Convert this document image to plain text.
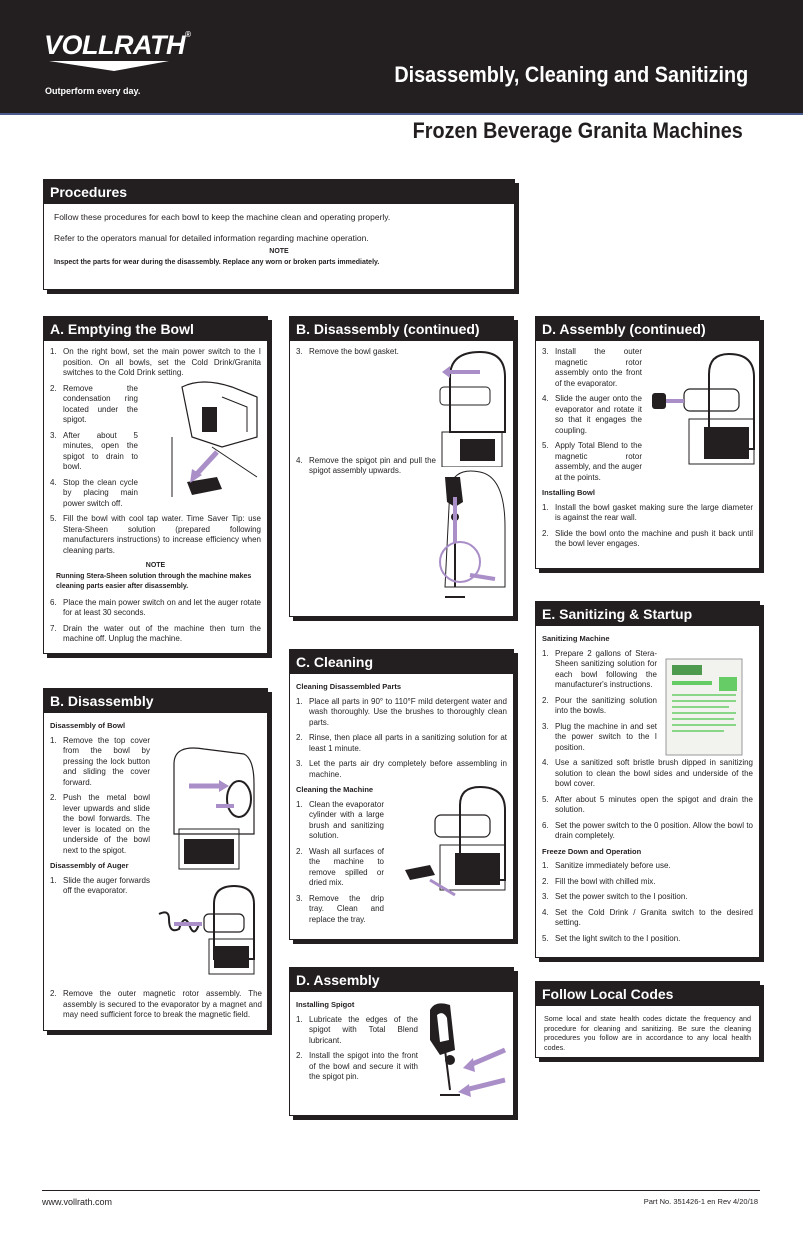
VOLLRATH®
Outperform every day.
Disassembly, Cleaning and Sanitizing
Frozen Beverage Granita Machines
Procedures
Follow these procedures for each bowl to keep the machine clean and operating properly.
Refer to the operators manual for detailed information regarding machine operation.
NOTE
Inspect the parts for wear during the disassembly. Replace any worn or broken parts immediately.
A. Emptying the Bowl
1. On the right bowl, set the main power switch to the I position. On all bowls, set the Cold Drink/Granita switches to the Cold Drink setting.
2. Remove the condensation ring located under the spigot.
3. After about 5 minutes, open the spigot to drain to bowl.
4. Stop the clean cycle by placing main power switch off.
5. Fill the bowl with cool tap water. Time Saver Tip: use Stera-Sheen solution (prepared following manufacturers instructions) to increase efficiency when cleaning parts.
NOTE
Running Stera-Sheen solution through the machine makes cleaning parts easier after disassembly.
6. Place the main power switch on and let the auger rotate for at least 30 seconds.
7. Drain the water out of the machine then turn the machine off. Unplug the machine.
B. Disassembly
Disassembly of Bowl
1. Remove the top cover from the bowl by pressing the lock button and sliding the cover forward.
2. Push the metal bowl lever upwards and slide the bowl forwards. The lever is located on the underside of the bowl next to the spigot.
Disassembly of Auger
1. Slide the auger forwards off the evaporator.
2. Remove the outer magnetic rotor assembly. The assembly is secured to the evaporator by a magnet and may need sufficient force to break the magnetic field.
B. Disassembly (continued)
3. Remove the bowl gasket.
4. Remove the spigot pin and pull the spigot assembly upwards.
C. Cleaning
Cleaning Disassembled Parts
1. Place all parts in 90° to 110°F mild detergent water and wash thoroughly. Use the brushes to thoroughly clean parts.
2. Rinse, then place all parts in a sanitizing solution for at least 1 minute.
3. Let the parts air dry completely before assembling in machine.
Cleaning the Machine
1. Clean the evaporator cylinder with a large brush and sanitizing solution.
2. Wash all surfaces of the machine to remove spilled or dried mix.
3. Remove the drip tray. Clean and replace the tray.
D. Assembly
Installing Spigot
1. Lubricate the edges of the spigot with Total Blend lubricant.
2. Install the spigot into the front of the bowl and secure it with the spigot pin.
D. Assembly (continued)
3. Install the outer magnetic rotor assembly onto the front of the evaporator.
4. Slide the auger onto the evaporator and rotate it so that it engages the coupling.
5. Apply Total Blend to the magnetic rotor assembly, and the auger at the points.
Installing Bowl
1. Install the bowl gasket making sure the large diameter is against the rear wall.
2. Slide the bowl onto the machine and push it back until the bowl lever engages.
E. Sanitizing & Startup
Sanitizing Machine
1. Prepare 2 gallons of Stera-Sheen sanitizing solution for each bowl following the manufacturer's instructions.
2. Pour the sanitizing solution into the bowls.
3. Plug the machine in and set the power switch to the I position.
4. Use a sanitized soft bristle brush dipped in sanitizing solution to clean the bowl sides and underside of the bowl cover.
5. After about 5 minutes open the spigot and drain the solution.
6. Set the power switch to the 0 position. Allow the bowl to drain completely.
Freeze Down and Operation
1. Sanitize immediately before use.
2. Fill the bowl with chilled mix.
3. Set the power switch to the I position.
4. Set the Cold Drink / Granita switch to the desired setting.
5. Set the light switch to the I position.
Follow Local Codes
Some local and state health codes dictate the frequency and procedure for cleaning and sanitizing. Be sure the cleaning procedures you follow are in accordance to any local health codes.
www.vollrath.com	Part No. 351426-1 en Rev 4/20/18
